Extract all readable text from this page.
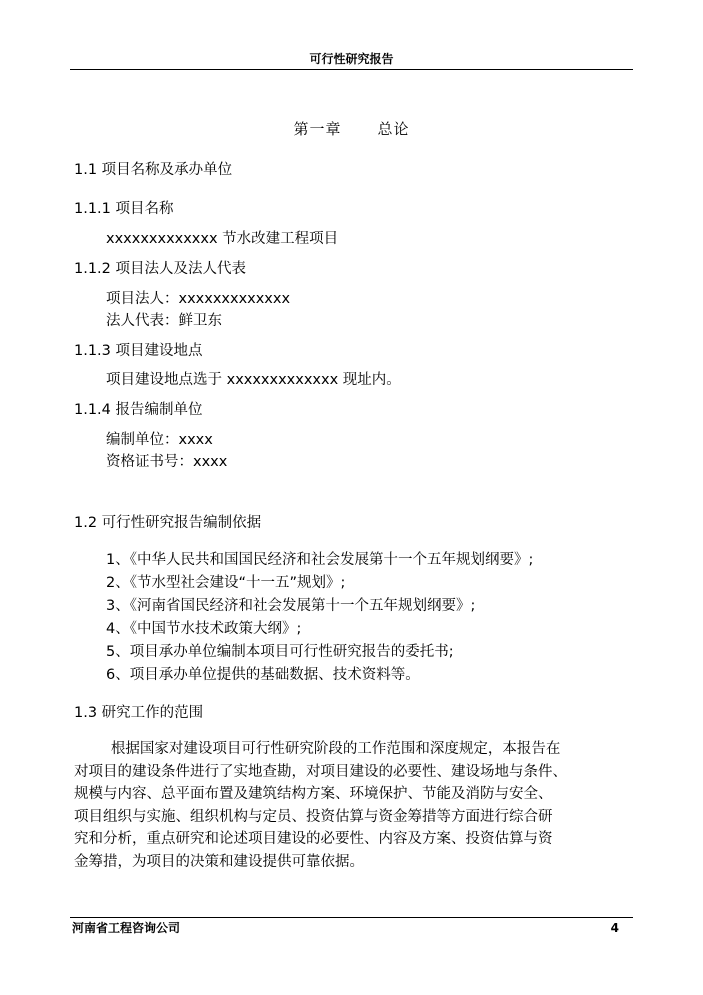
可行性研究报告
第一章 总论
1.1 项目名称及承办单位
1.1.1 项目名称
xxxxxxxxxxxxx 节水改建工程项目
1.1.2 项目法人及法人代表
项目法人：xxxxxxxxxxxxx
法人代表：鲜卫东
1.1.3 项目建设地点
项目建设地点选于 xxxxxxxxxxxxx 现址内。
1.1.4 报告编制单位
编制单位：xxxx
资格证书号：xxxx
1.2 可行性研究报告编制依据
1、《中华人民共和国国民经济和社会发展第十一个五年规划纲要》;
2、《节水型社会建设“十一五”规划》;
3、《河南省国民经济和社会发展第十一个五年规划纲要》;
4、《中国节水技术政策大纲》;
5、项目承办单位编制本项目可行性研究报告的委托书;
6、项目承办单位提供的基础数据、技术资料等。
1.3 研究工作的范围
根据国家对建设项目可行性研究阶段的工作范围和深度规定，本报告在
对项目的建设条件进行了实地查勘，对项目建设的必要性、建设场地与条件、
规模与内容、总平面布置及建筑结构方案、环境保护、节能及消防与安全、
项目组织与实施、组织机构与定员、投资估算与资金筹措等方面进行综合研
究和分析，重点研究和论述项目建设的必要性、内容及方案、投资估算与资
金筹措，为项目的决策和建设提供可靠依据。
河南省工程咨询公司	4
